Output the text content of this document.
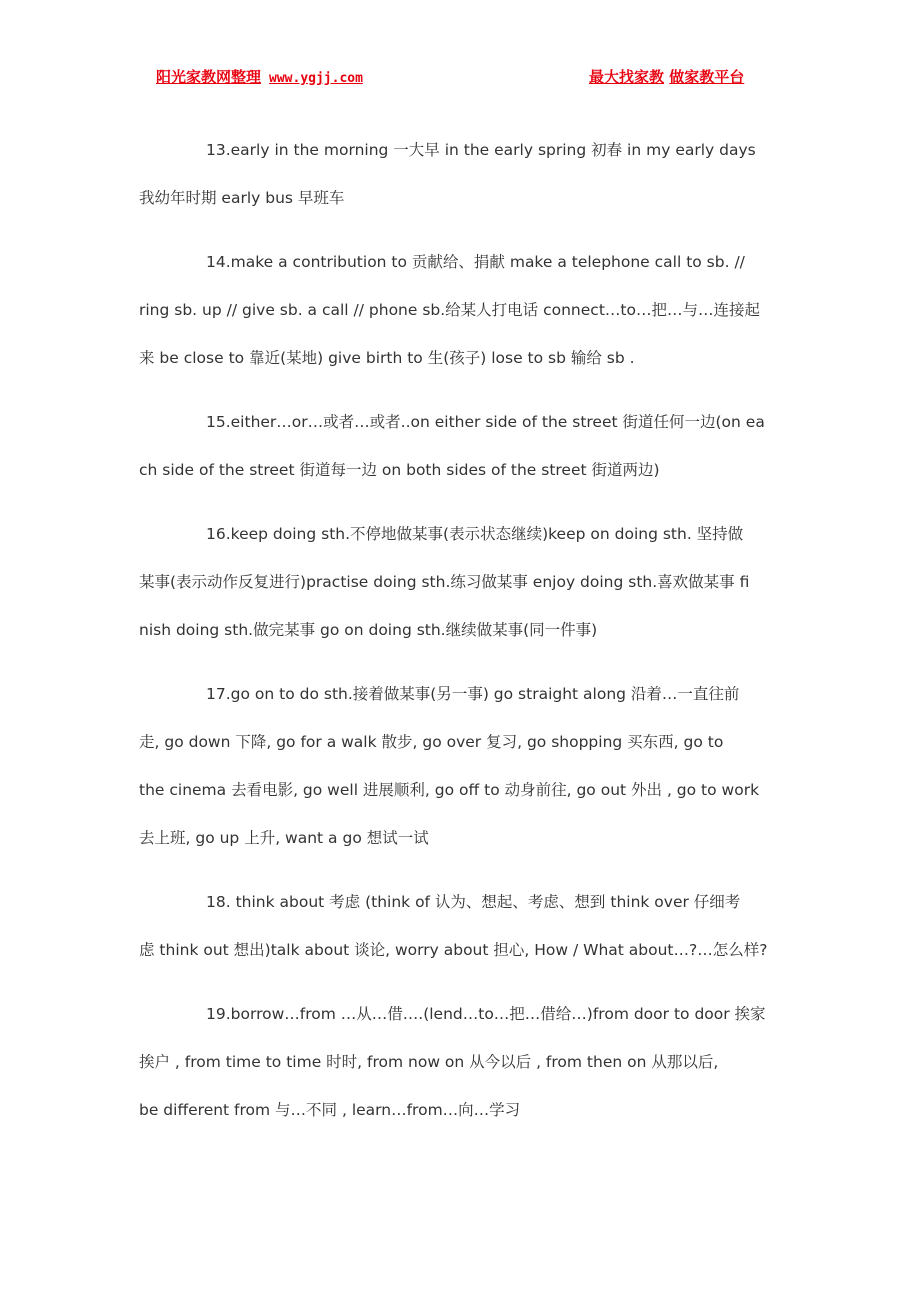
阳光家教网整理 www.ygjj.com	最大找家教 做家教平台
13.early in the morning 一大早 in the early spring 初春 in my early days
我幼年时期 early bus 早班车
14.make a contribution to 贡献给、捐献 make a telephone call to sb. //
ring sb. up // give sb. a call // phone sb.给某人打电话 connect…to…把…与…连接起
来 be close to 靠近(某地) give birth to 生(孩子) lose to sb 输给 sb .
15.either…or…或者…或者..on either side of the street 街道任何一边(on ea
ch side of the street 街道每一边 on both sides of the street 街道两边)
16.keep doing sth.不停地做某事(表示状态继续)keep on doing sth. 坚持做
某事(表示动作反复进行)practise doing sth.练习做某事 enjoy doing sth.喜欢做某事 fi
nish doing sth.做完某事 go on doing sth.继续做某事(同一件事)
17.go on to do sth.接着做某事(另一事) go straight along 沿着…一直往前
走, go down 下降, go for a walk 散步, go over 复习, go shopping 买东西, go to
the cinema 去看电影, go well 进展顺利, go off to 动身前往, go out 外出 , go to work
去上班, go up 上升, want a go 想试一试
18. think about 考虑 (think of 认为、想起、考虑、想到 think over 仔细考
虑 think out 想出)talk about 谈论, worry about 担心, How / What about…?…怎么样?
19.borrow…from …从…借….(lend…to…把…借给…)from door to door 挨家
挨户 , from time to time 时时, from now on 从今以后 , from then on 从那以后,
be different from 与…不同 , learn…from…向…学习
